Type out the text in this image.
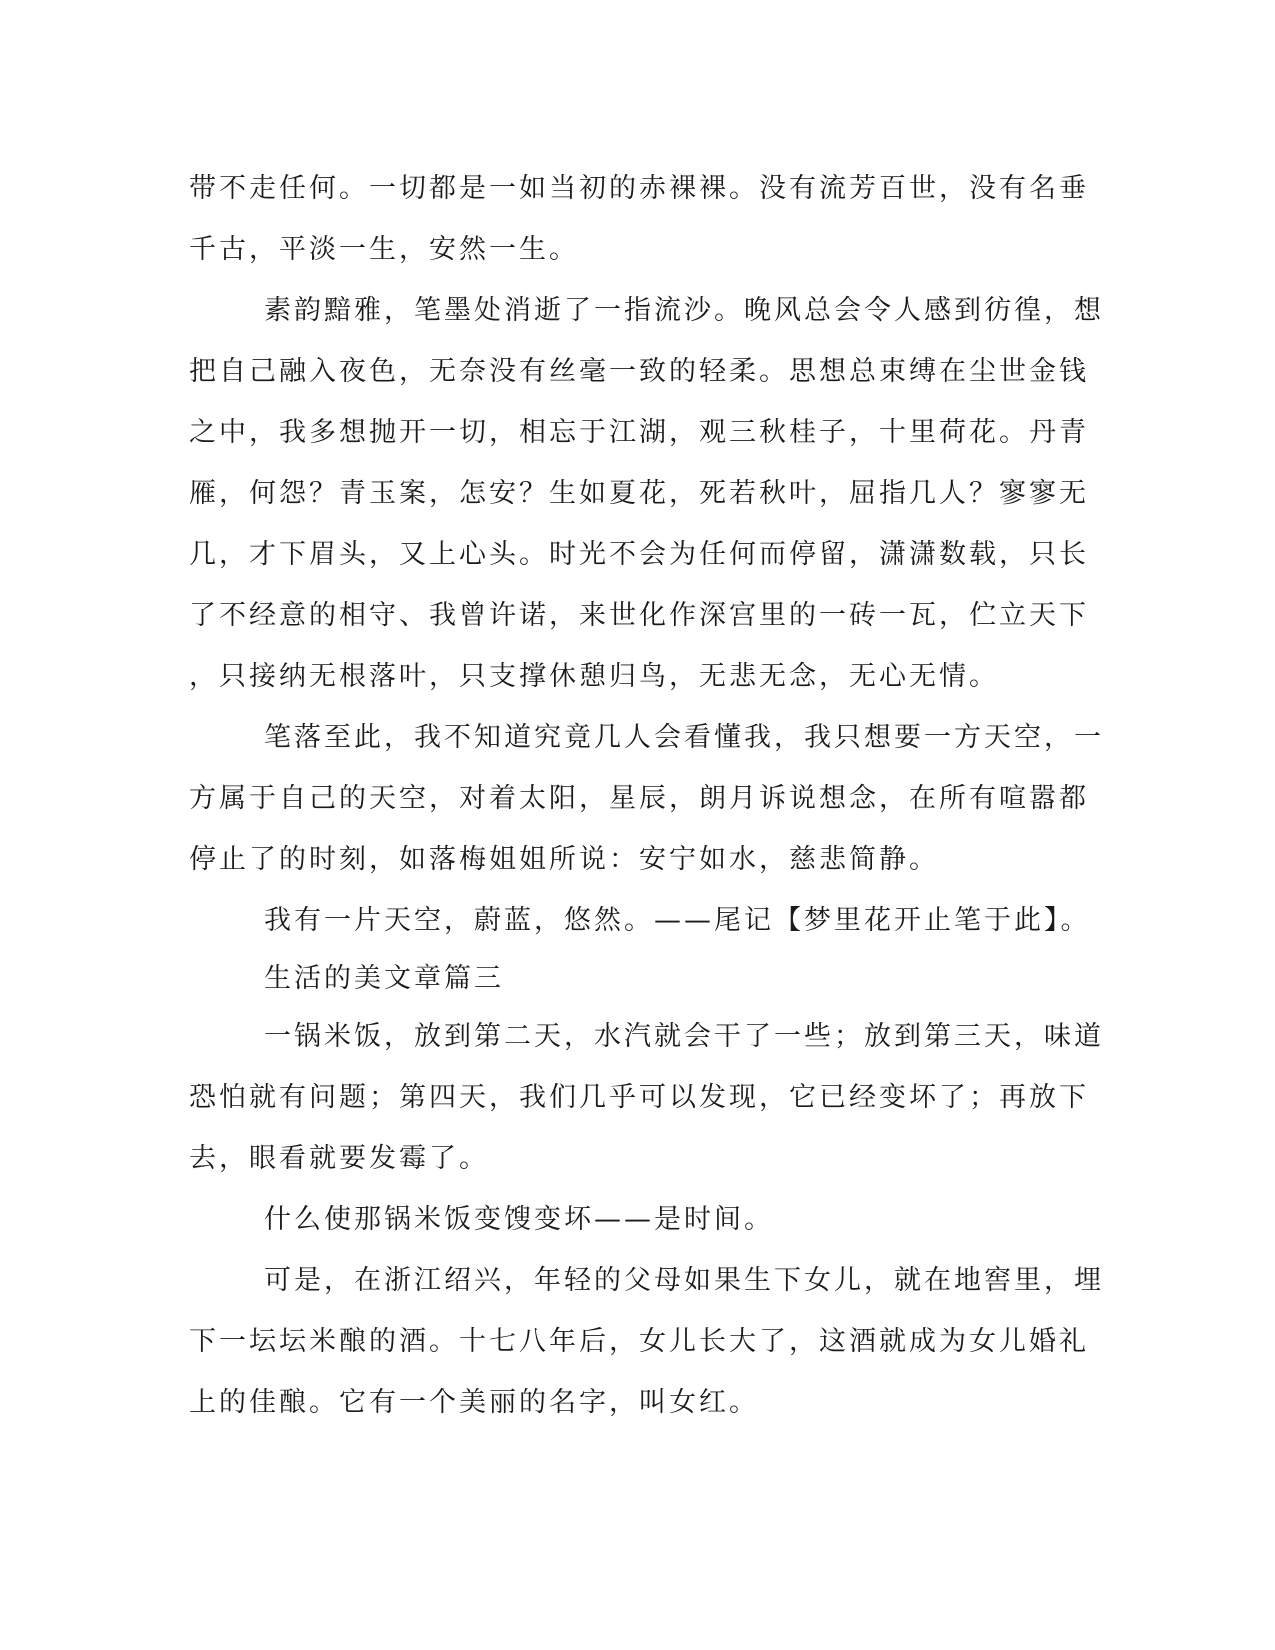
带不走任何。一切都是一如当初的赤裸裸。没有流芳百世，没有名垂
千古，平淡一生，安然一生。
素韵黯雅，笔墨处消逝了一指流沙。晚风总会令人感到彷徨，想
把自己融入夜色，无奈没有丝毫一致的轻柔。思想总束缚在尘世金钱
之中，我多想抛开一切，相忘于江湖，观三秋桂子，十里荷花。丹青
雁，何怨？青玉案，怎安？生如夏花，死若秋叶，屈指几人？寥寥无
几，才下眉头，又上心头。时光不会为任何而停留，潇潇数载，只长
了不经意的相守、我曾许诺，来世化作深宫里的一砖一瓦，伫立天下
，只接纳无根落叶，只支撑休憩归鸟，无悲无念，无心无情。
笔落至此，我不知道究竟几人会看懂我，我只想要一方天空，一
方属于自己的天空，对着太阳，星辰，朗月诉说想念，在所有喧嚣都
停止了的时刻，如落梅姐姐所说：安宁如水，慈悲简静。
我有一片天空，蔚蓝，悠然。——尾记【梦里花开止笔于此】。
生活的美文章篇三
一锅米饭，放到第二天，水汽就会干了一些；放到第三天，味道
恐怕就有问题；第四天，我们几乎可以发现，它已经变坏了；再放下
去，眼看就要发霉了。
什么使那锅米饭变馊变坏——是时间。
可是，在浙江绍兴，年轻的父母如果生下女儿，就在地窖里，埋
下一坛坛米酿的酒。十七八年后，女儿长大了，这酒就成为女儿婚礼
上的佳酿。它有一个美丽的名字，叫女红。
